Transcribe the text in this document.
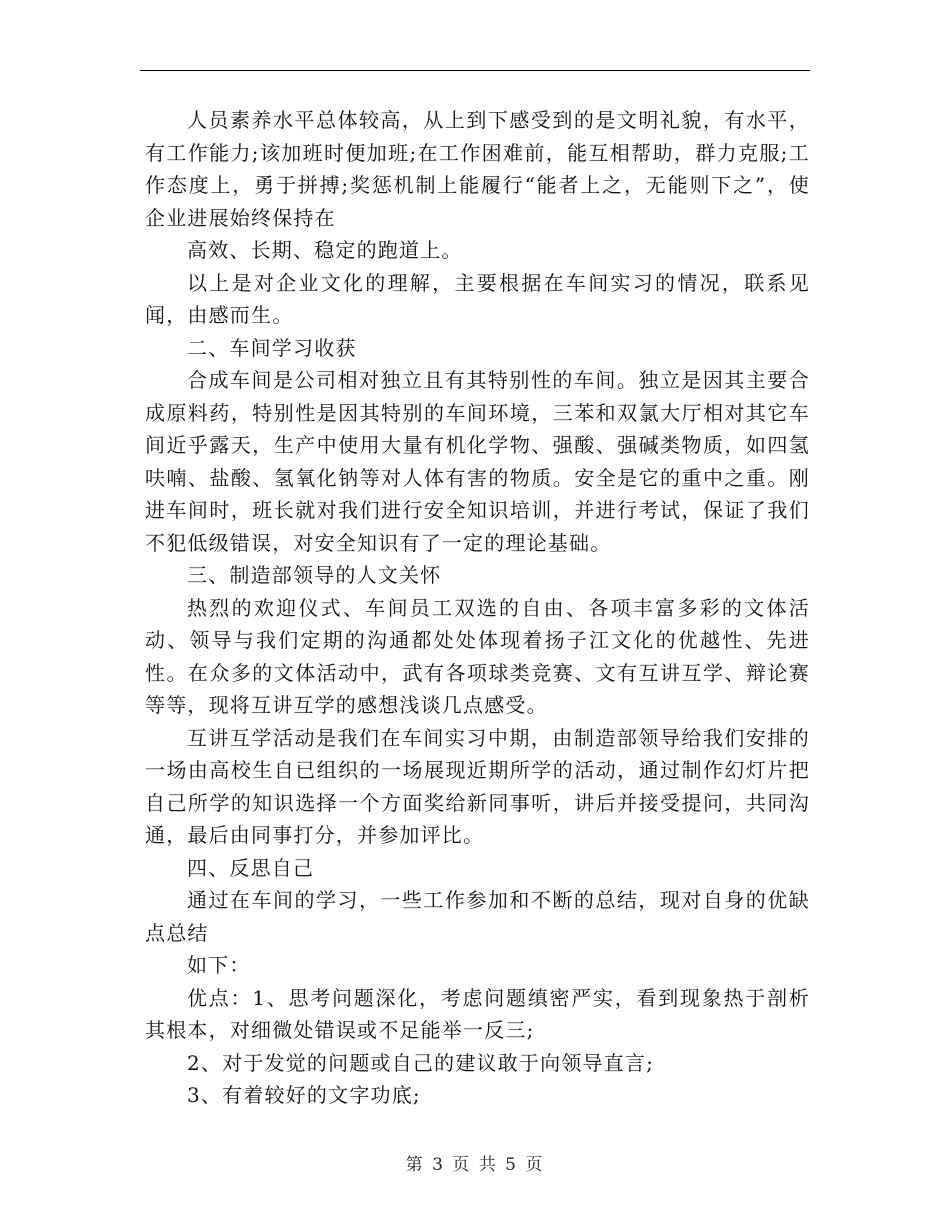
人员素养水平总体较高，从上到下感受到的是文明礼貌，有水平，有工作能力;该加班时便加班;在工作困难前，能互相帮助，群力克服;工作态度上，勇于拼搏;奖惩机制上能履行“能者上之，无能则下之”，使企业进展始终保持在

高效、长期、稳定的跑道上。

以上是对企业文化的理解，主要根据在车间实习的情况，联系见闻，由感而生。

二、车间学习收获

合成车间是公司相对独立且有其特别性的车间。独立是因其主要合成原料药，特别性是因其特别的车间环境，三苯和双氯大厅相对其它车间近乎露天，生产中使用大量有机化学物、强酸、强碱类物质，如四氢呋喃、盐酸、氢氧化钠等对人体有害的物质。安全是它的重中之重。刚进车间时，班长就对我们进行安全知识培训，并进行考试，保证了我们不犯低级错误，对安全知识有了一定的理论基础。

三、制造部领导的人文关怀

热烈的欢迎仪式、车间员工双选的自由、各项丰富多彩的文体活动、领导与我们定期的沟通都处处体现着扬子江文化的优越性、先进性。在众多的文体活动中，武有各项球类竞赛、文有互讲互学、辩论赛等等，现将互讲互学的感想浅谈几点感受。

互讲互学活动是我们在车间实习中期，由制造部领导给我们安排的一场由高校生自已组织的一场展现近期所学的活动，通过制作幻灯片把自己所学的知识选择一个方面奖给新同事听，讲后并接受提问，共同沟通，最后由同事打分，并参加评比。

四、反思自己

通过在车间的学习，一些工作参加和不断的总结，现对自身的优缺点总结

如下：

优点：1、思考问题深化，考虑问题缜密严实，看到现象热于剖析其根本，对细微处错误或不足能举一反三;

2、对于发觉的问题或自己的建议敢于向领导直言;

3、有着较好的文字功底;

第 3 页 共 5 页
